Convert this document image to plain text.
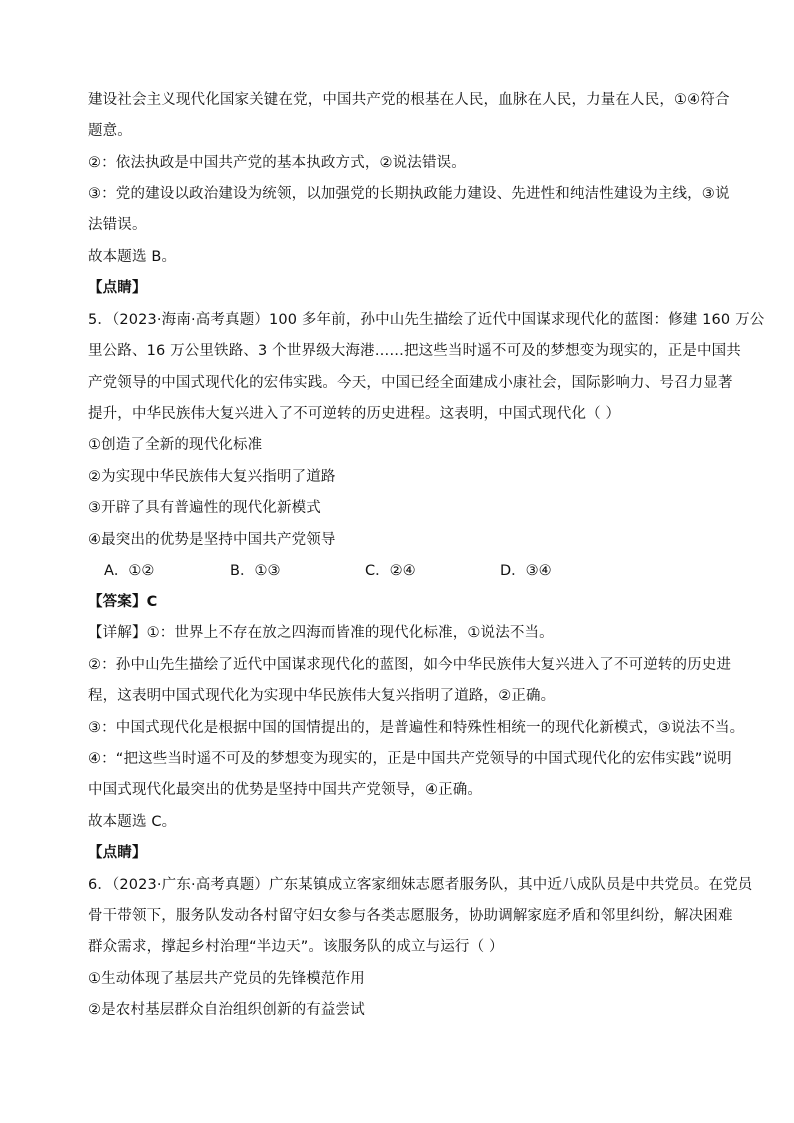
建设社会主义现代化国家关键在党，中国共产党的根基在人民，血脉在人民，力量在人民，①④符合
题意。
②：依法执政是中国共产党的基本执政方式，②说法错误。
③：党的建设以政治建设为统领，以加强党的长期执政能力建设、先进性和纯洁性建设为主线，③说
法错误。
故本题选 B。
【点睛】
5．（2023·海南·高考真题）100 多年前，孙中山先生描绘了近代中国谋求现代化的蓝图：修建 160 万公
里公路、16 万公里铁路、3 个世界级大海港……把这些当时遥不可及的梦想变为现实的，正是中国共
产党领导的中国式现代化的宏伟实践。今天，中国已经全面建成小康社会，国际影响力、号召力显著
提升，中华民族伟大复兴进入了不可逆转的历史进程。这表明，中国式现代化（ ）
①创造了全新的现代化标准
②为实现中华民族伟大复兴指明了道路
③开辟了具有普遍性的现代化新模式
④最突出的优势是坚持中国共产党领导
A．①②	B．①③	C．②④	D．③④
【答案】C
【详解】①：世界上不存在放之四海而皆准的现代化标准，①说法不当。
②：孙中山先生描绘了近代中国谋求现代化的蓝图，如今中华民族伟大复兴进入了不可逆转的历史进
程，这表明中国式现代化为实现中华民族伟大复兴指明了道路，②正确。
③：中国式现代化是根据中国的国情提出的，是普遍性和特殊性相统一的现代化新模式，③说法不当。
④：“把这些当时遥不可及的梦想变为现实的，正是中国共产党领导的中国式现代化的宏伟实践”说明
中国式现代化最突出的优势是坚持中国共产党领导，④正确。
故本题选 C。
【点睛】
6．（2023·广东·高考真题）广东某镇成立客家细妹志愿者服务队，其中近八成队员是中共党员。在党员
骨干带领下，服务队发动各村留守妇女参与各类志愿服务，协助调解家庭矛盾和邻里纠纷，解决困难
群众需求，撑起乡村治理“半边天”。该服务队的成立与运行（ ）
①生动体现了基层共产党员的先锋模范作用
②是农村基层群众自治组织创新的有益尝试
